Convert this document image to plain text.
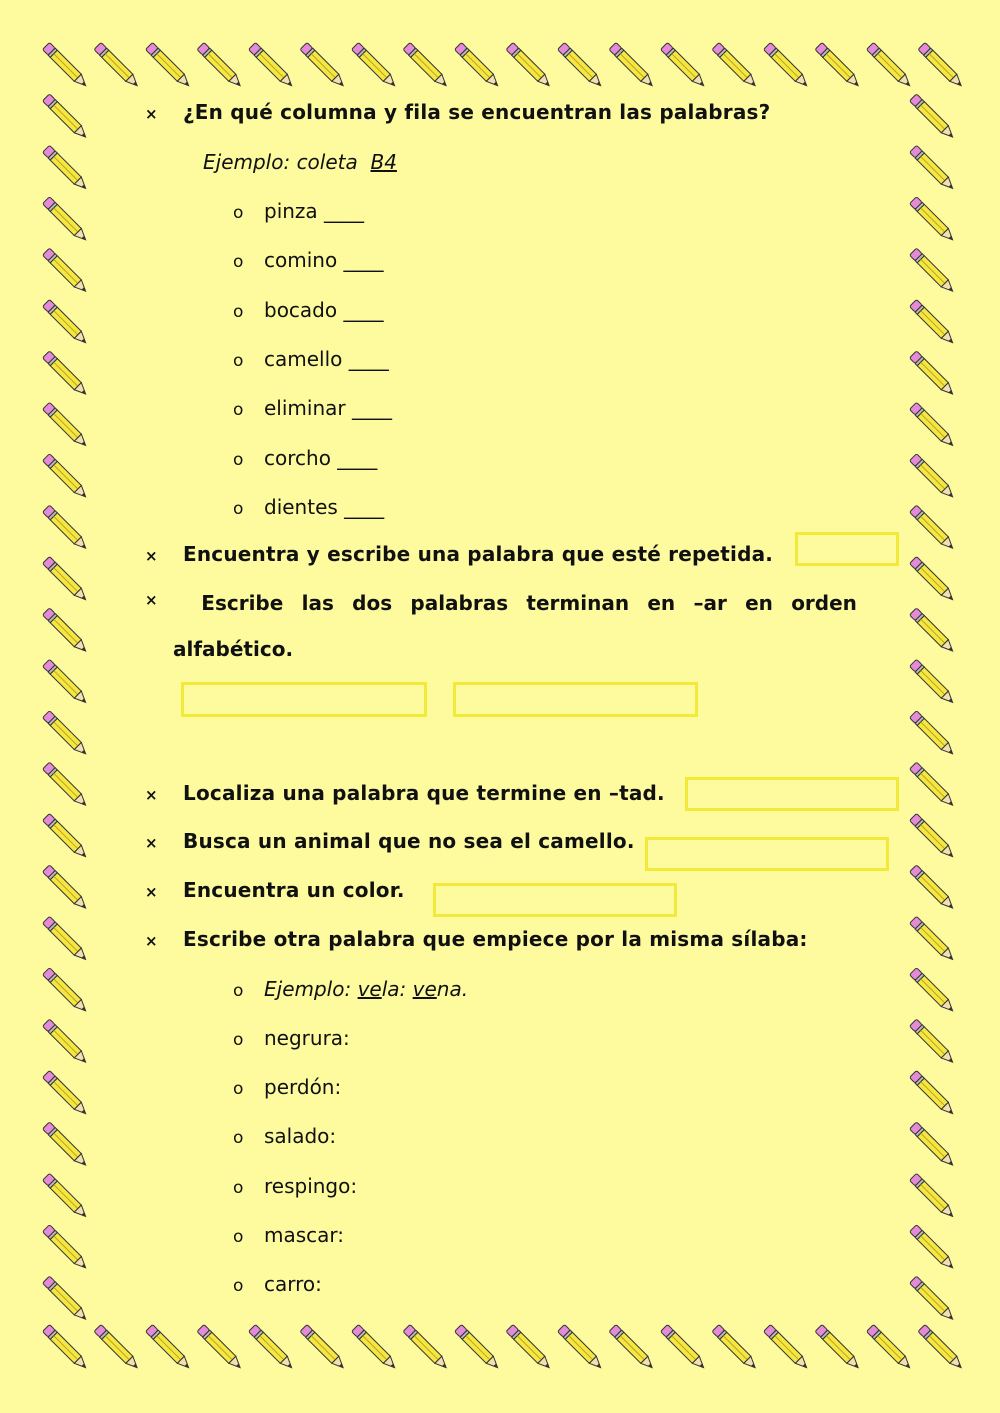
× ¿En qué columna y fila se encuentran las palabras?
Ejemplo: coleta B4
o pinza ____
o comino ____
o bocado ____
o camello ____
o eliminar ____
o corcho ____
o dientes ____
× Encuentra y escribe una palabra que esté repetida.
×	Escribe las dos palabras terminan en –ar en orden
alfabético.
× Localiza una palabra que termine en –tad.
× Busca un animal que no sea el camello.
× Encuentra un color.
× Escribe otra palabra que empiece por la misma sílaba:
o Ejemplo: vela: vena.
o negrura:
o perdón:
o salado:
o respingo:
o mascar:
o carro:
